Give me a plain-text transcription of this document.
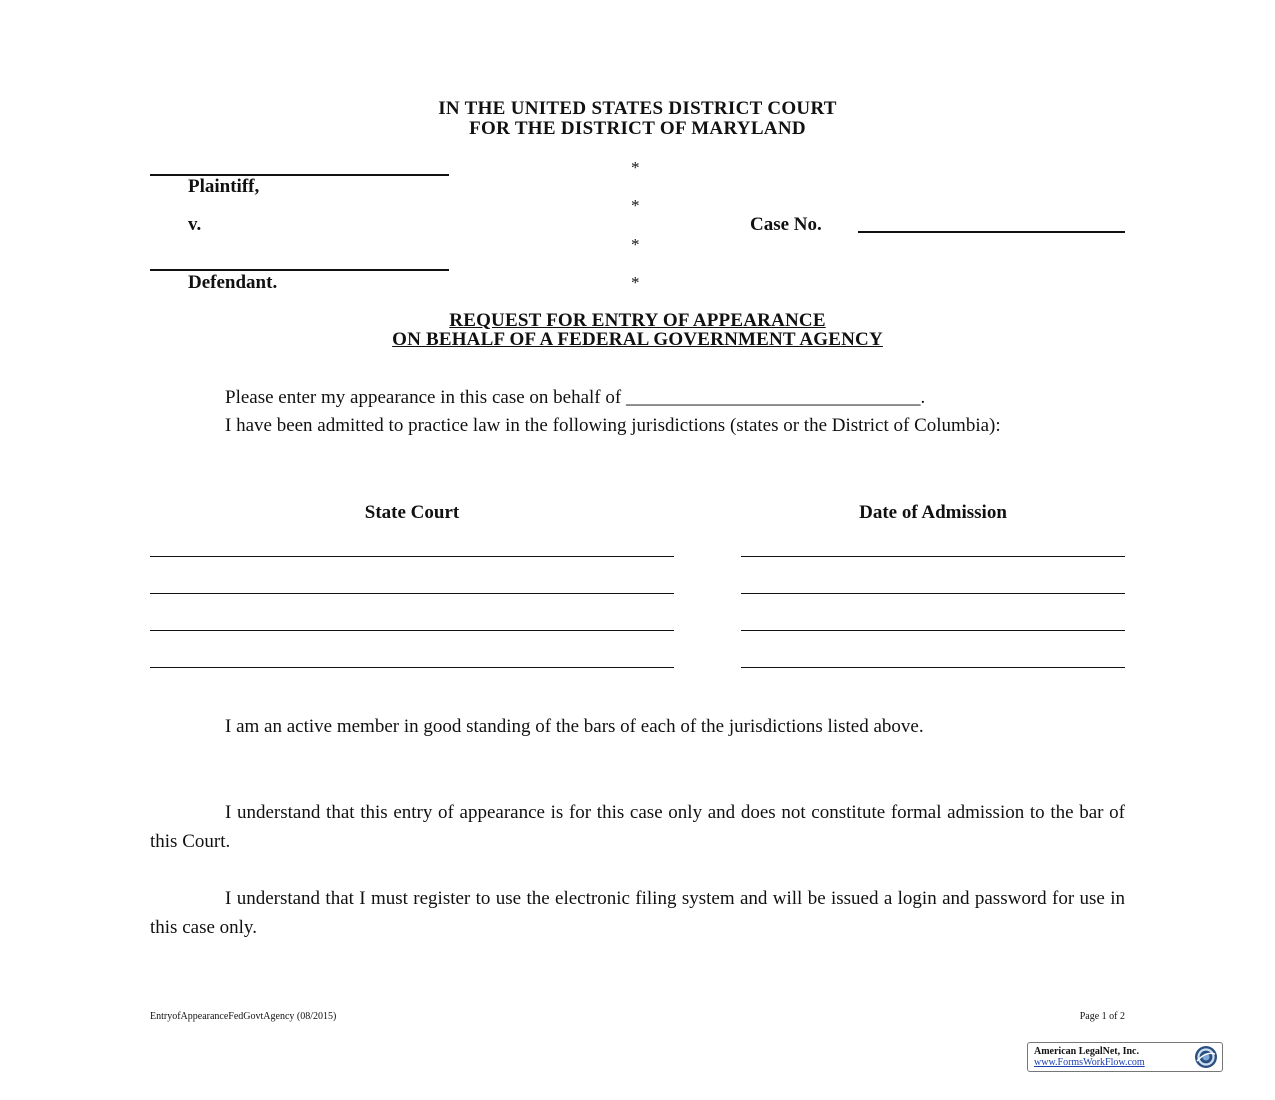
IN THE UNITED STATES DISTRICT COURT
FOR THE DISTRICT OF MARYLAND
Plaintiff,
v.
Defendant.
*
*
*
*
Case No.
REQUEST FOR ENTRY OF APPEARANCE
ON BEHALF OF A FEDERAL GOVERNMENT AGENCY
Please enter my appearance in this case on behalf of _______________________________.
I have been admitted to practice law in the following jurisdictions (states or the District of Columbia):
State Court	Date of Admission
I am an active member in good standing of the bars of each of the jurisdictions listed above.
I understand that this entry of appearance is for this case only and does not constitute formal admission to the bar of this Court.
I understand that I must register to use the electronic filing system and will be issued a login and password for use in this case only.
EntryofAppearanceFedGovtAgency (08/2015)	Page 1 of 2
American LegalNet, Inc.
www.FormsWorkFlow.com
